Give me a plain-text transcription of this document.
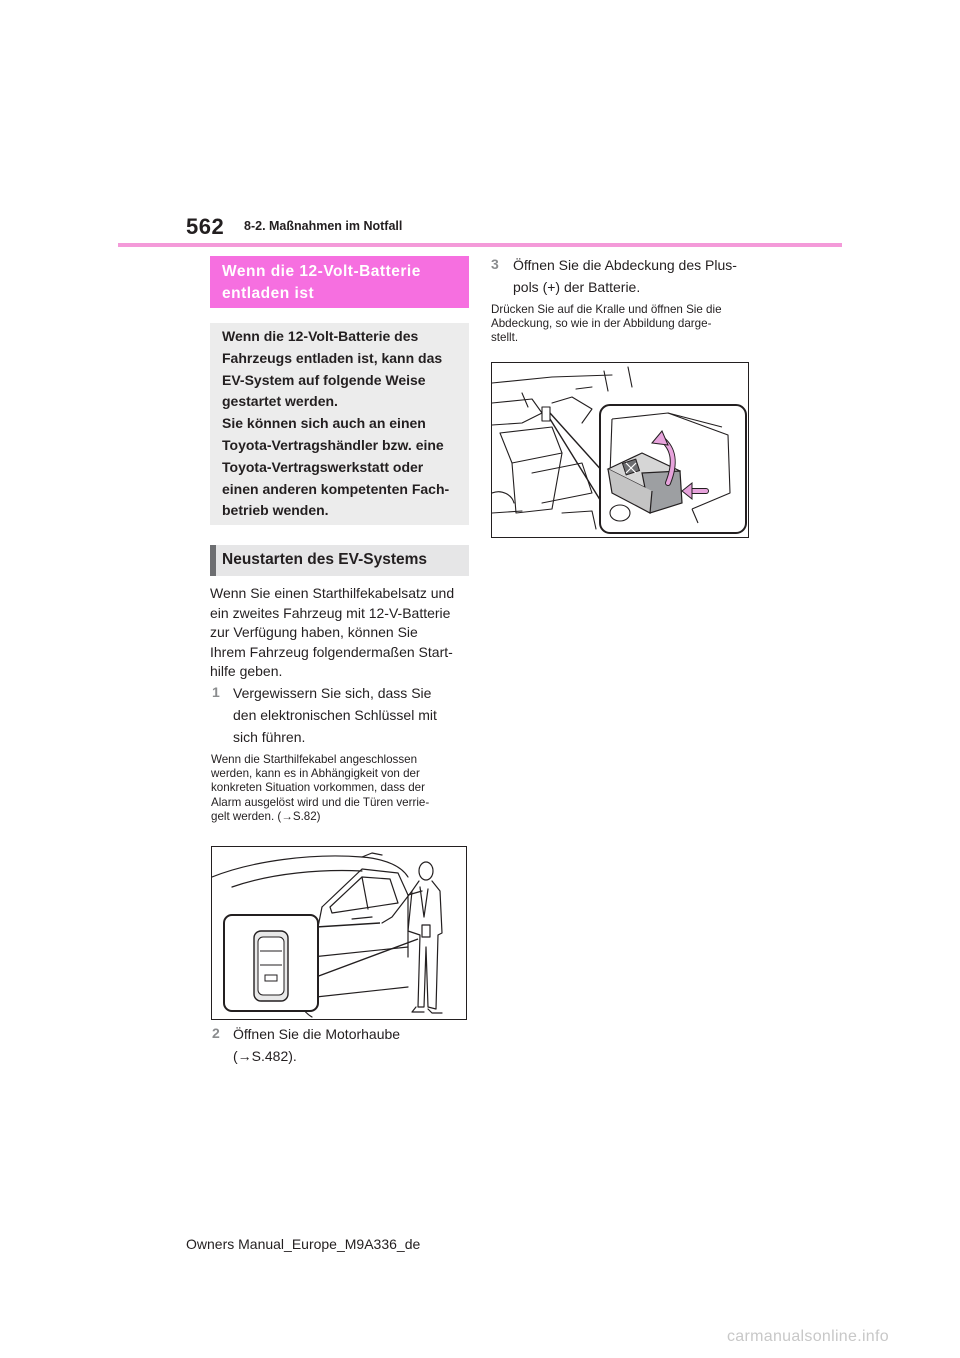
562 8-2. Maßnahmen im Notfall
Wenn die 12-Volt-Batterie
entladen ist
Wenn die 12-Volt-Batterie des
Fahrzeugs entladen ist, kann das
EV-System auf folgende Weise
gestartet werden.
Sie können sich auch an einen
Toyota-Vertragshändler bzw. eine
Toyota-Vertragswerkstatt oder
einen anderen kompetenten Fach-
betrieb wenden.
Neustarten des EV-Systems
Wenn Sie einen Starthilfekabelsatz und
ein zweites Fahrzeug mit 12-V-Batterie
zur Verfügung haben, können Sie
Ihrem Fahrzeug folgendermaßen Start-
hilfe geben.
1 Vergewissern Sie sich, dass Sie
den elektronischen Schlüssel mit
sich führen.
Wenn die Starthilfekabel angeschlossen
werden, kann es in Abhängigkeit von der
konkreten Situation vorkommen, dass der
Alarm ausgelöst wird und die Türen verrie-
gelt werden. (→S.82)
2 Öffnen Sie die Motorhaube
(→S.482).
3 Öffnen Sie die Abdeckung des Plus-
pols (+) der Batterie.
Drücken Sie auf die Kralle und öffnen Sie die
Abdeckung, so wie in der Abbildung darge-
stellt.
Owners Manual_Europe_M9A336_de
carmanualsonline.info
